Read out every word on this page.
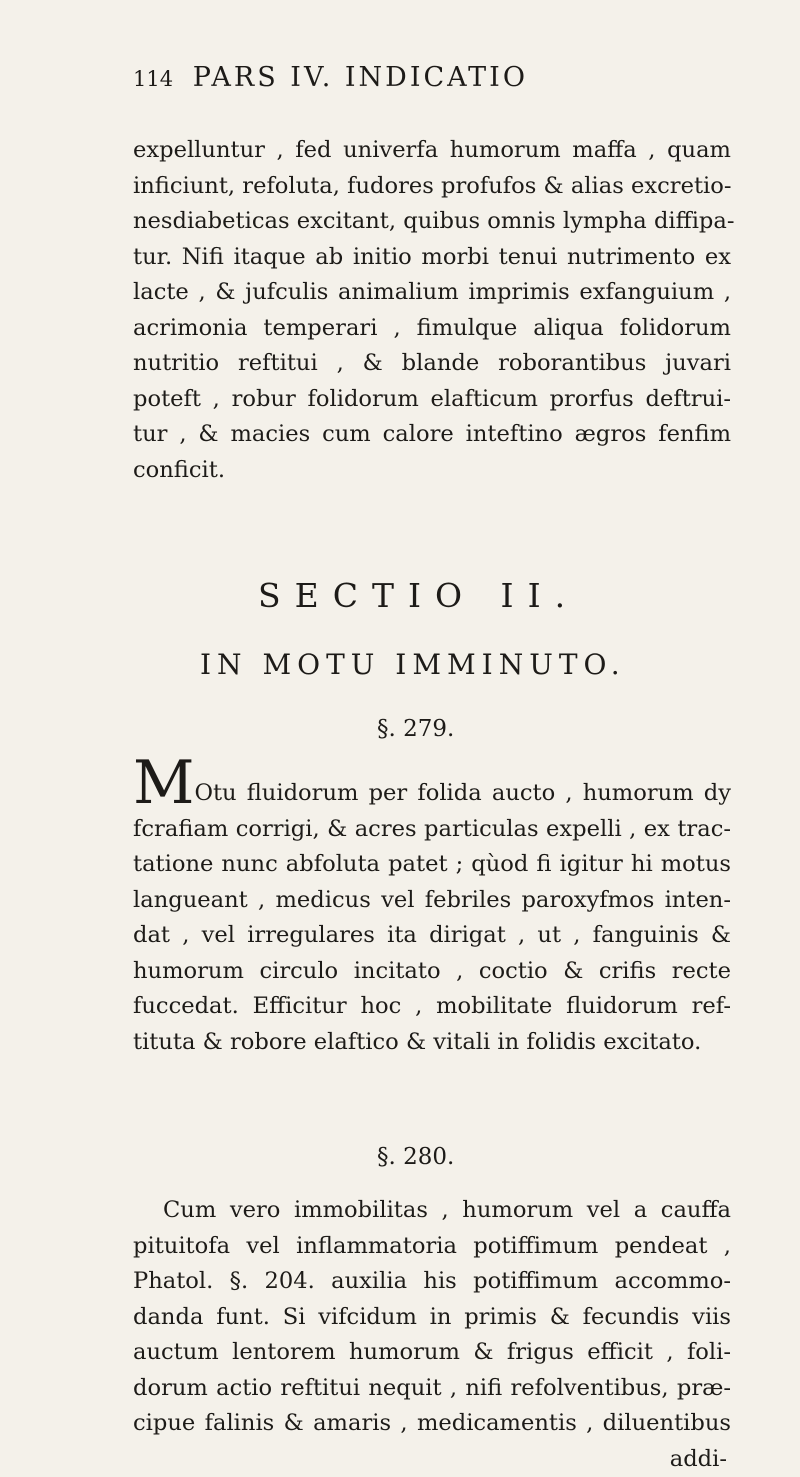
114 PARS IV. INDICATIO
expelluntur , fed univerfa humorum maffa , quam
inficiunt, refoluta, fudores profufos & alias excretio-
nesdiabeticas excitant, quibus omnis lympha diffipa-
tur. Nifi itaque ab initio morbi tenui nutrimento ex
lacte , & jufculis animalium imprimis exfanguium ,
acrimonia temperari , fimulque aliqua folidorum
nutritio reftitui , & blande roborantibus juvari
poteft , robur folidorum elafticum prorfus deftrui-
tur , & macies cum calore inteftino ægros fenfim
conficit.
SECTIO II.
IN MOTU IMMINUTO.
§. 279.
MOtu fluidorum per folida aucto , humorum dy
fcrafiam corrigi, & acres particulas expelli , ex trac-
tatione nunc abfoluta patet ; qùod fi igitur hi motus
langueant , medicus vel febriles paroxyfmos inten-
dat , vel irregulares ita dirigat , ut , fanguinis &
humorum circulo incitato , coctio & crifis recte
fuccedat. Efficitur hoc , mobilitate fluidorum ref-
tituta & robore elaftico & vitali in folidis excitato.
§. 280.
Cum vero immobilitas , humorum vel a cauffa
pituitofa vel inflammatoria potiffimum pendeat ,
Phatol. §. 204. auxilia his potiffimum accommo-
danda funt. Si vifcidum in primis & fecundis viis
auctum lentorem humorum & frigus efficit , foli-
dorum actio reftitui nequit , nifi refolventibus, præ-
cipue falinis & amaris , medicamentis , diluentibus
addi-
